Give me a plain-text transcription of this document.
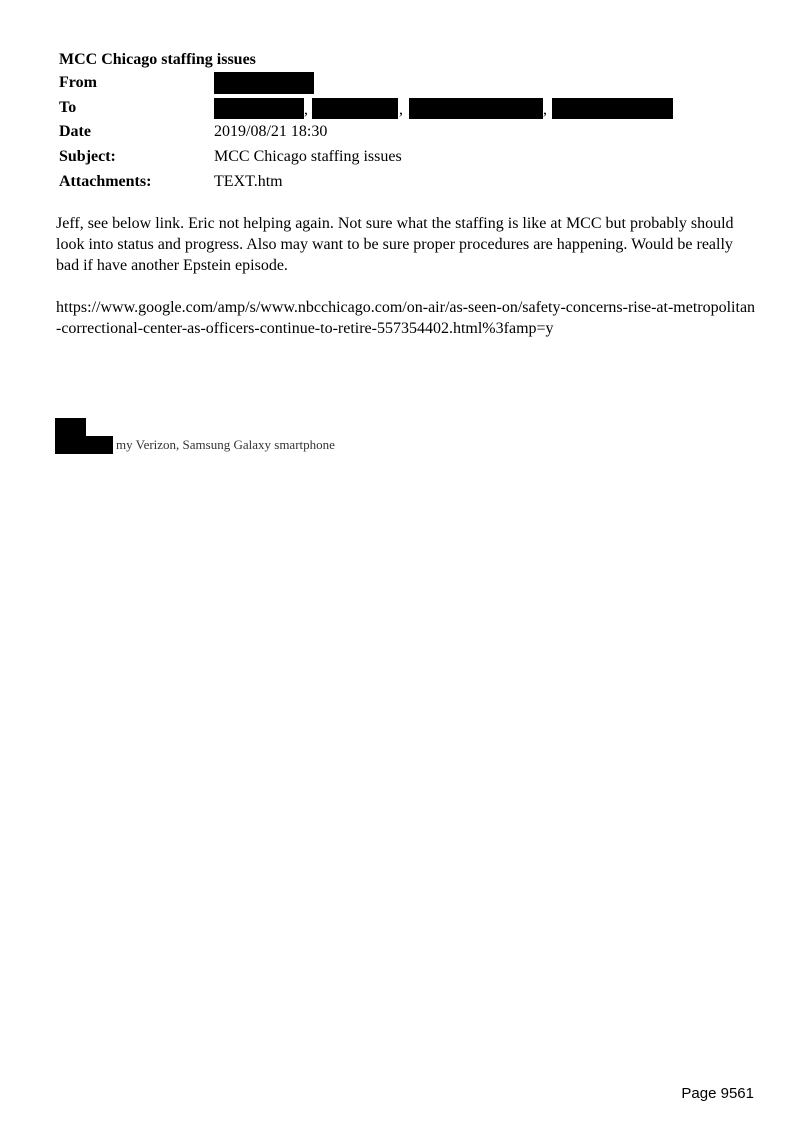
MCC Chicago staffing issues
From
To	,	,	,
Date	2019/08/21 18:30
Subject:	MCC Chicago staffing issues
Attachments:	TEXT.htm

Jeff, see below link. Eric not helping again. Not sure what the staffing is like at MCC but probably should look into status and progress. Also may want to be sure proper procedures are happening. Would be really bad if have another Epstein episode.

https://www.google.com/amp/s/www.nbcchicago.com/on-air/as-seen-on/safety-concerns-rise-at-metropolitan-correctional-center-as-officers-continue-to-retire-557354402.html%3famp=y

my Verizon, Samsung Galaxy smartphone
Page 9561
